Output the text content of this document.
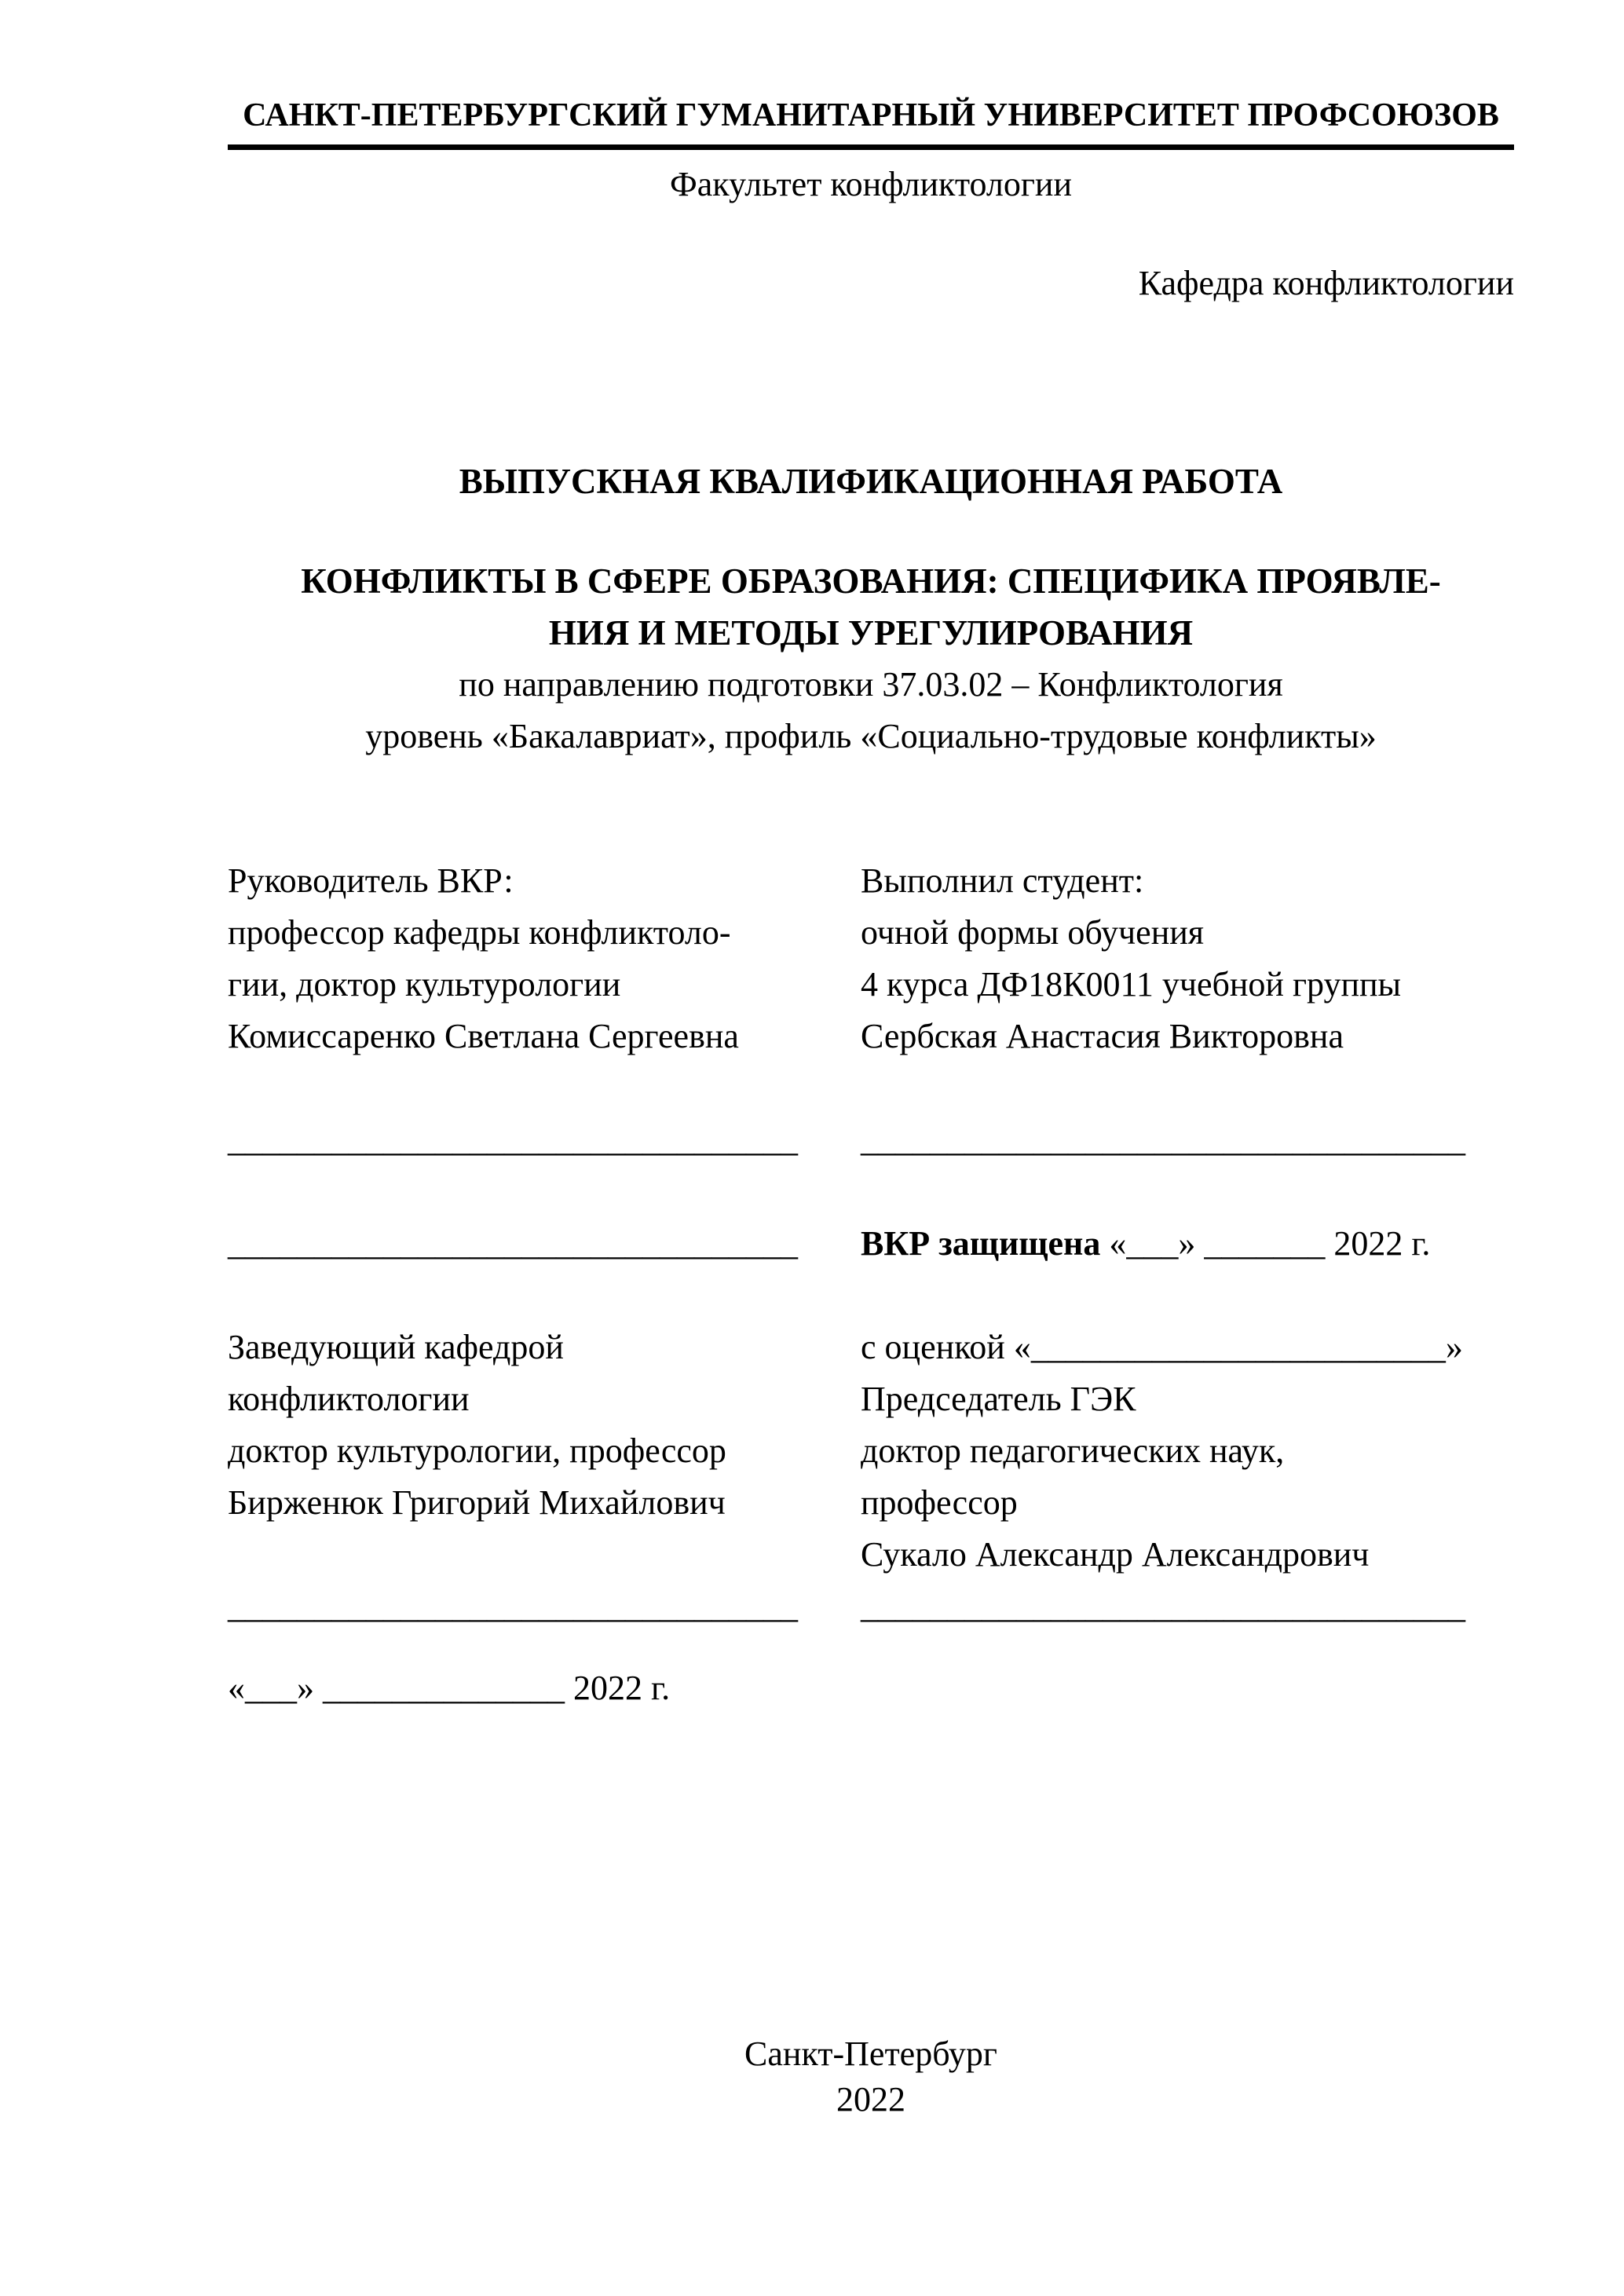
САНКТ-ПЕТЕРБУРГСКИЙ ГУМАНИТАРНЫЙ УНИВЕРСИТЕТ ПРОФСОЮЗОВ
Факультет конфликтологии
Кафедра конфликтологии
ВЫПУСКНАЯ КВАЛИФИКАЦИОННАЯ РАБОТА
КОНФЛИКТЫ В СФЕРЕ ОБРАЗОВАНИЯ: СПЕЦИФИКА ПРОЯВЛЕ-
НИЯ И МЕТОДЫ УРЕГУЛИРОВАНИЯ
по направлению подготовки 37.03.02 – Конфликтология
уровень «Бакалавриат», профиль «Социально-трудовые конфликты»
Руководитель ВКР:
профессор кафедры конфликтоло-
гии, доктор культурологии
Комиссаренко Светлана Сергеевна
_________________________________
_________________________________
Заведующий кафедрой
конфликтологии
доктор культурологии, профессор
Бирженюк Григорий Михайлович
_________________________________
«___» ______________ 2022 г.
Выполнил студент:
очной формы обучения
4 курса ДФ18К0011 учебной группы
Сербская Анастасия Викторовна
___________________________________
ВКР защищена «___» _______ 2022 г.
с оценкой «________________________»
Председатель ГЭК
доктор педагогических наук,
профессор
Сукало Александр Александрович
___________________________________
Санкт-Петербург
2022
